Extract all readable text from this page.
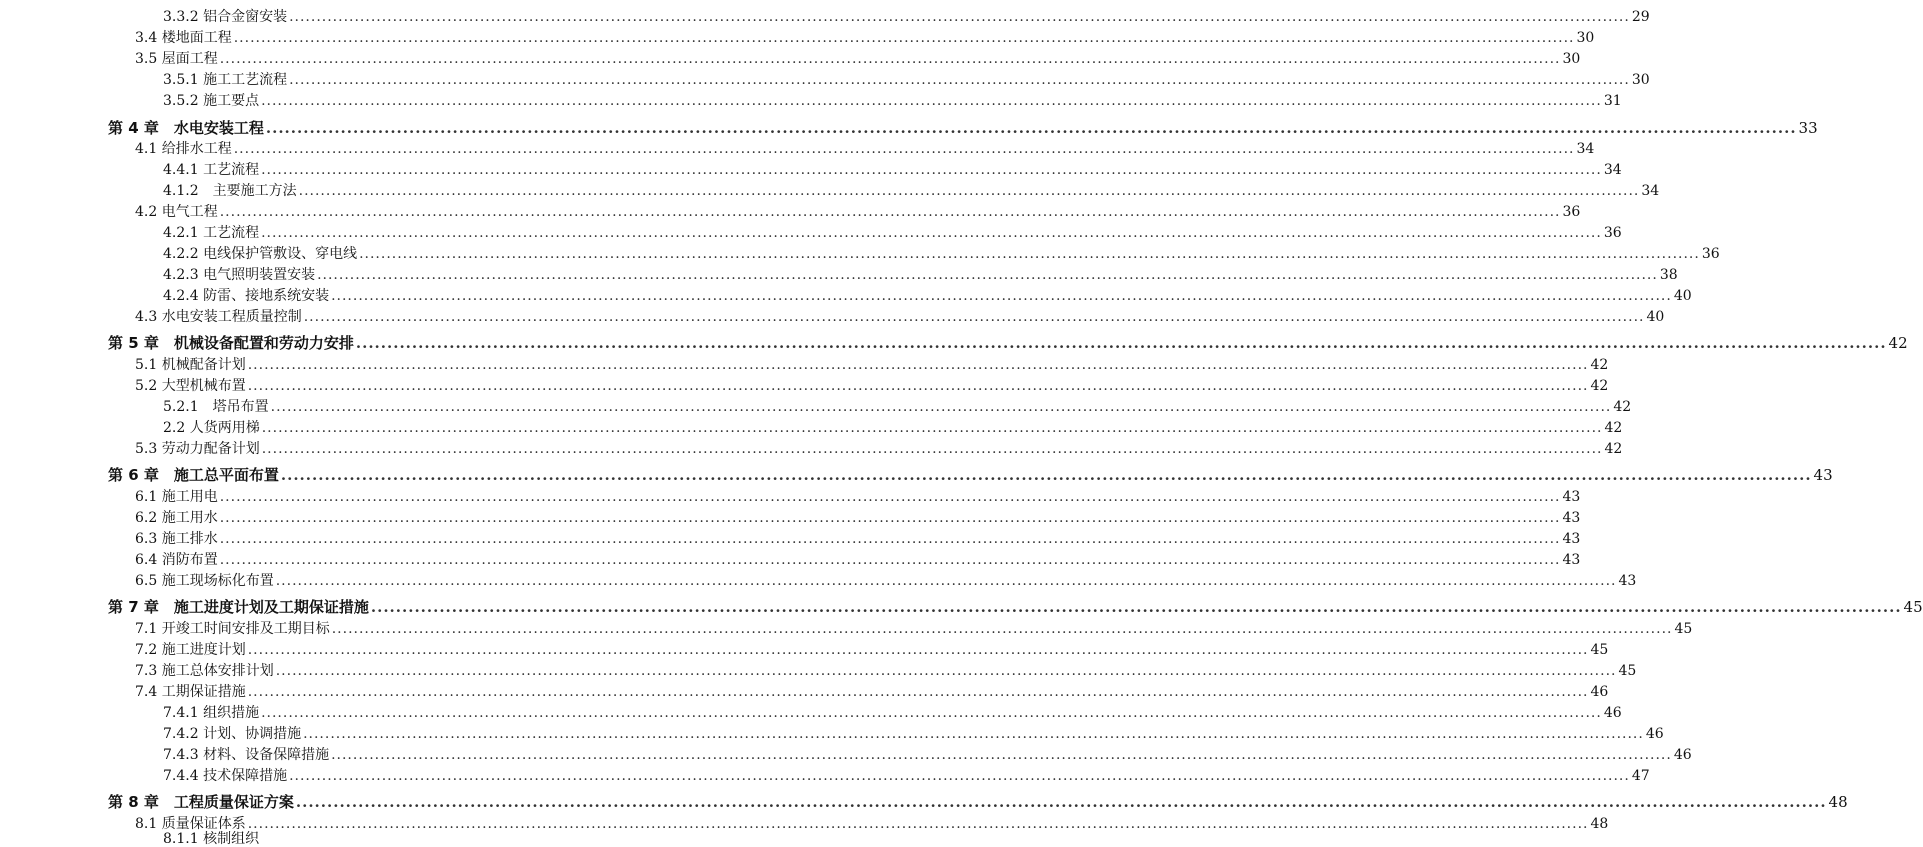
3.3.2 铝合金窗安装 .....	29
3.4 楼地面工程 .....	30
3.5 屋面工程 .....	30
3.5.1 施工工艺流程 .....	30
3.5.2 施工要点 .....	31
第 4 章　水电安装工程 .....	33
4.1 给排水工程 .....	34
4.4.1 工艺流程 .....	34
4.1.2　主要施工方法 .....	34
4.2 电气工程 .....	36
4.2.1 工艺流程 .....	36
4.2.2 电线保护管敷设、穿电线 .....	36
4.2.3 电气照明装置安装 .....	38
4.2.4 防雷、接地系统安装 .....	40
4.3 水电安装工程质量控制 .....	40
第 5 章　机械设备配置和劳动力安排 .....	42
5.1 机械配备计划 .....	42
5.2 大型机械布置 .....	42
5.2.1　塔吊布置 .....	42
2.2 人货两用梯 .....	42
5.3 劳动力配备计划 .....	42
第 6 章　施工总平面布置 .....	43
6.1 施工用电 .....	43
6.2 施工用水 .....	43
6.3 施工排水 .....	43
6.4 消防布置 .....	43
6.5 施工现场标化布置 .....	43
第 7 章　施工进度计划及工期保证措施 .....	45
7.1 开竣工时间安排及工期目标 .....	45
7.2 施工进度计划 .....	45
7.3 施工总体安排计划 .....	45
7.4 工期保证措施 .....	46
7.4.1 组织措施 .....	46
7.4.2 计划、协调措施 .....	46
7.4.3 材料、设备保障措施 .....	46
7.4.4 技术保障措施 .....	47
第 8 章　工程质量保证方案 .....	48
8.1 质量保证体系 .....	48
8.1.1 核制组织
